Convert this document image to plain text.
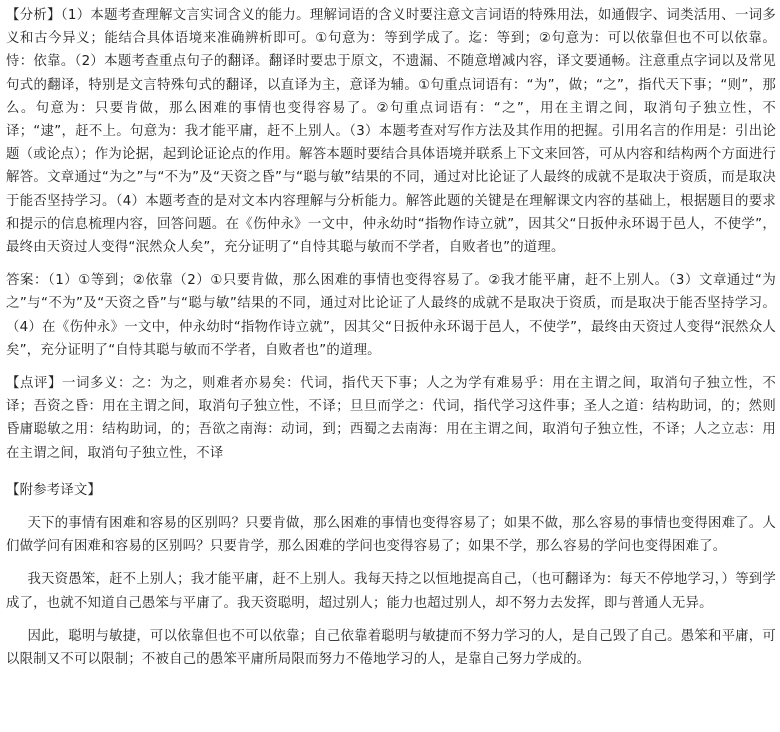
【分析】（1）本题考查理解文言实词含义的能力。理解词语的含义时要注意文言词语的特殊用法，如通假字、词类活用、一词多义和古今异义；能结合具体语境来准确辨析即可。①句意为：等到学成了。迄：等到；②句意为：可以依靠但也不可以依靠。恃：依靠。（2）本题考查重点句子的翻译。翻译时要忠于原文，不遗漏、不随意增减内容，译文要通畅。注意重点字词以及常见句式的翻译，特别是文言特殊句式的翻译，以直译为主，意译为辅。①句重点词语有：“为”，做；“之”，指代天下事；“则”，那么。句意为：只要肯做，那么困难的事情也变得容易了。②句重点词语有：“之”，用在主谓之间，取消句子独立性，不译；“逮”，赶不上。句意为：我才能平庸，赶不上别人。（3）本题考查对写作方法及其作用的把握。引用名言的作用是：引出论题（或论点）；作为论据，起到论证论点的作用。解答本题时要结合具体语境并联系上下文来回答，可从内容和结构两个方面进行解答。文章通过“为之”与“不为”及“天资之昏”与“聪与敏”结果的不同，通过对比论证了人最终的成就不是取决于资质，而是取决于能否坚持学习。（4）本题考查的是对文本内容理解与分析能力。解答此题的关键是在理解课文内容的基础上，根据题目的要求和提示的信息梳理内容，回答问题。在《伤仲永》一文中，仲永幼时“指物作诗立就”，因其父“日扳仲永环谒于邑人，不使学”，最终由天资过人变得“泯然众人矣”，充分证明了“自恃其聪与敏而不学者，自败者也”的道理。

答案：（1）①等到；②依靠（2）①只要肯做，那么困难的事情也变得容易了。②我才能平庸，赶不上别人。（3）文章通过“为之”与“不为”及“天资之昏”与“聪与敏”结果的不同，通过对比论证了人最终的成就不是取决于资质，而是取决于能否坚持学习。（4）在《伤仲永》一文中，仲永幼时“指物作诗立就”，因其父“日扳仲永环谒于邑人，不使学”，最终由天资过人变得“泯然众人矣”，充分证明了“自恃其聪与敏而不学者，自败者也”的道理。

【点评】一词多义：之：为之，则难者亦易矣：代词，指代天下事；人之为学有难易乎：用在主谓之间，取消句子独立性，不译；吾资之昏：用在主谓之间，取消句子独立性，不译；旦旦而学之：代词，指代学习这件事；圣人之道：结构助词，的；然则昏庸聪敏之用：结构助词，的；吾欲之南海：动词，到；西蜀之去南海：用在主谓之间，取消句子独立性，不译；人之立志：用在主谓之间，取消句子独立性，不译

【附参考译文】

天下的事情有困难和容易的区别吗？只要肯做，那么困难的事情也变得容易了；如果不做，那么容易的事情也变得困难了。人们做学问有困难和容易的区别吗？只要肯学，那么困难的学问也变得容易了；如果不学，那么容易的学问也变得困难了。

我天资愚笨，赶不上别人；我才能平庸，赶不上别人。我每天持之以恒地提高自己，（也可翻译为：每天不停地学习，）等到学成了，也就不知道自己愚笨与平庸了。我天资聪明，超过别人；能力也超过别人，却不努力去发挥，即与普通人无异。

因此，聪明与敏捷，可以依靠但也不可以依靠；自己依靠着聪明与敏捷而不努力学习的人，是自己毁了自己。愚笨和平庸，可以限制又不可以限制；不被自己的愚笨平庸所局限而努力不倦地学习的人，是靠自己努力学成的。
